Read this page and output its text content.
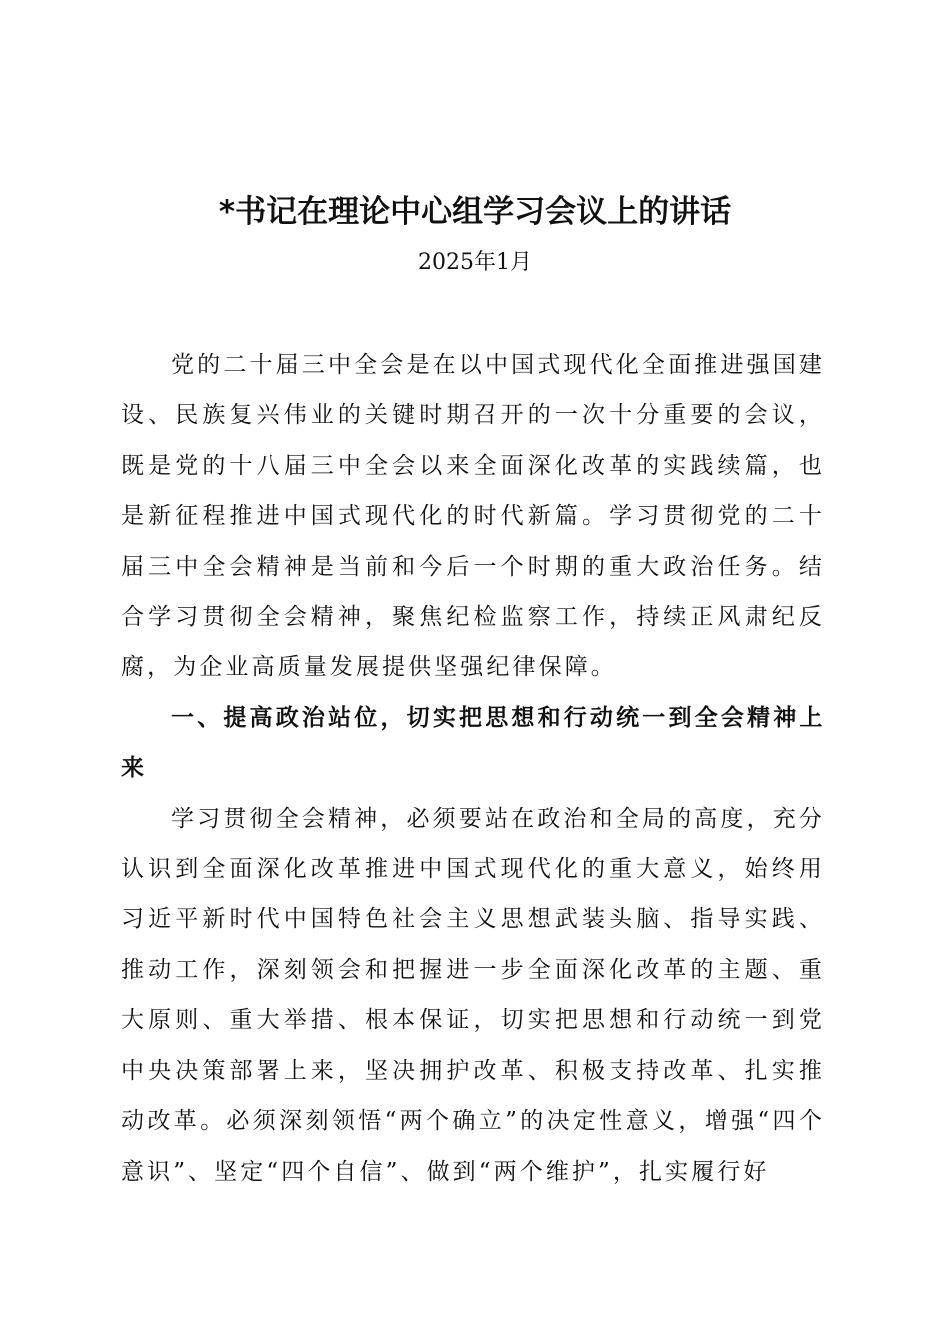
*书记在理论中心组学习会议上的讲话
2025年1月

党的二十届三中全会是在以中国式现代化全面推进强国建设、民族复兴伟业的关键时期召开的一次十分重要的会议，既是党的十八届三中全会以来全面深化改革的实践续篇，也是新征程推进中国式现代化的时代新篇。学习贯彻党的二十届三中全会精神是当前和今后一个时期的重大政治任务。结合学习贯彻全会精神，聚焦纪检监察工作，持续正风肃纪反腐，为企业高质量发展提供坚强纪律保障。

一、提高政治站位，切实把思想和行动统一到全会精神上来

学习贯彻全会精神，必须要站在政治和全局的高度，充分认识到全面深化改革推进中国式现代化的重大意义，始终用习近平新时代中国特色社会主义思想武装头脑、指导实践、推动工作，深刻领会和把握进一步全面深化改革的主题、重大原则、重大举措、根本保证，切实把思想和行动统一到党中央决策部署上来，坚决拥护改革、积极支持改革、扎实推动改革。必须深刻领悟“两个确立”的决定性意义，增强“四个意识”、坚定“四个自信”、做到“两个维护”，扎实履行好
